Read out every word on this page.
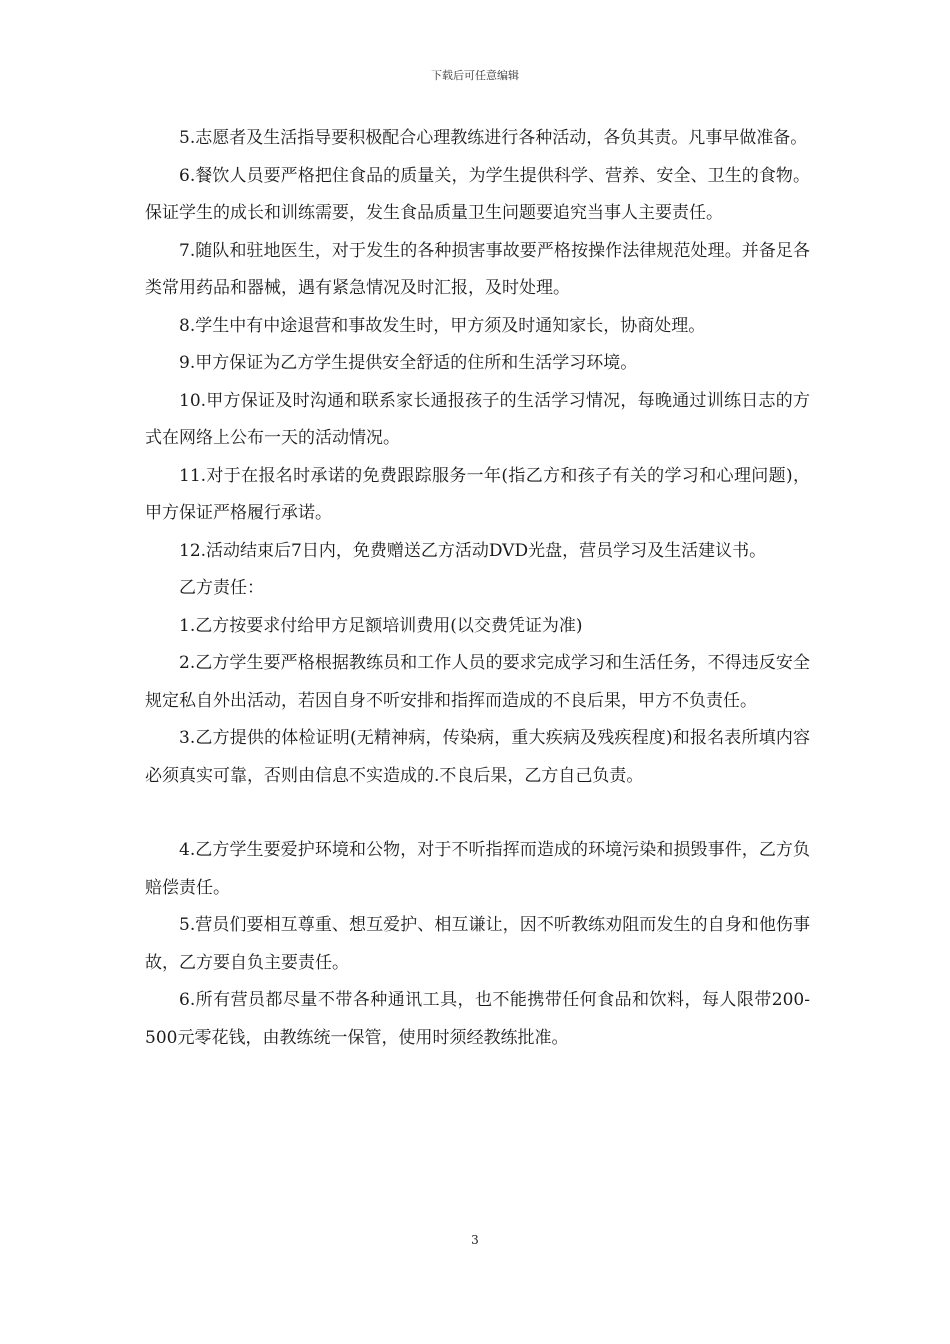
下载后可任意编辑

5.志愿者及生活指导要积极配合心理教练进行各种活动，各负其责。凡事早做准备。

6.餐饮人员要严格把住食品的质量关，为学生提供科学、营养、安全、卫生的食物。保证学生的成长和训练需要，发生食品质量卫生问题要追究当事人主要责任。

7.随队和驻地医生，对于发生的各种损害事故要严格按操作法律规范处理。并备足各类常用药品和器械，遇有紧急情况及时汇报，及时处理。

8.学生中有中途退营和事故发生时，甲方须及时通知家长，协商处理。

9.甲方保证为乙方学生提供安全舒适的住所和生活学习环境。

10.甲方保证及时沟通和联系家长通报孩子的生活学习情况，每晚通过训练日志的方式在网络上公布一天的活动情况。

11.对于在报名时承诺的免费跟踪服务一年(指乙方和孩子有关的学习和心理问题)，甲方保证严格履行承诺。

12.活动结束后7日内，免费赠送乙方活动DVD光盘，营员学习及生活建议书。

乙方责任：

1.乙方按要求付给甲方足额培训费用(以交费凭证为准)

2.乙方学生要严格根据教练员和工作人员的要求完成学习和生活任务，不得违反安全规定私自外出活动，若因自身不听安排和指挥而造成的不良后果，甲方不负责任。

3.乙方提供的体检证明(无精神病，传染病，重大疾病及残疾程度)和报名表所填内容必须真实可靠，否则由信息不实造成的.不良后果，乙方自己负责。

4.乙方学生要爱护环境和公物，对于不听指挥而造成的环境污染和损毁事件，乙方负赔偿责任。

5.营员们要相互尊重、想互爱护、相互谦让，因不听教练劝阻而发生的自身和他伤事故，乙方要自负主要责任。

6.所有营员都尽量不带各种通讯工具，也不能携带任何食品和饮料，每人限带200-500元零花钱，由教练统一保管，使用时须经教练批准。

3
